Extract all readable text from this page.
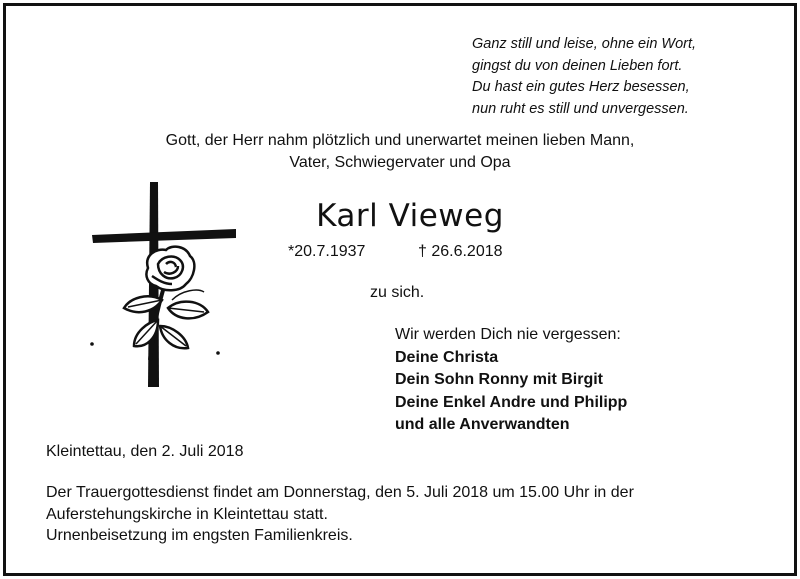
Ganz still und leise, ohne ein Wort,
gingst du von deinen Lieben fort.
Du hast ein gutes Herz besessen,
nun ruht es still und unvergessen.
Gott, der Herr nahm plötzlich und unerwartet meinen lieben Mann,
Vater, Schwiegervater und Opa
Karl Vieweg
*20.7.1937	† 26.6.2018
zu sich.
Wir werden Dich nie vergessen:
Deine Christa
Dein Sohn Ronny mit Birgit
Deine Enkel Andre und Philipp
und alle Anverwandten
Kleintettau, den 2. Juli 2018
Der Trauergottesdienst findet am Donnerstag, den 5. Juli 2018 um 15.00 Uhr in der
Auferstehungskirche in Kleintettau statt.
Urnenbeisetzung im engsten Familienkreis.
